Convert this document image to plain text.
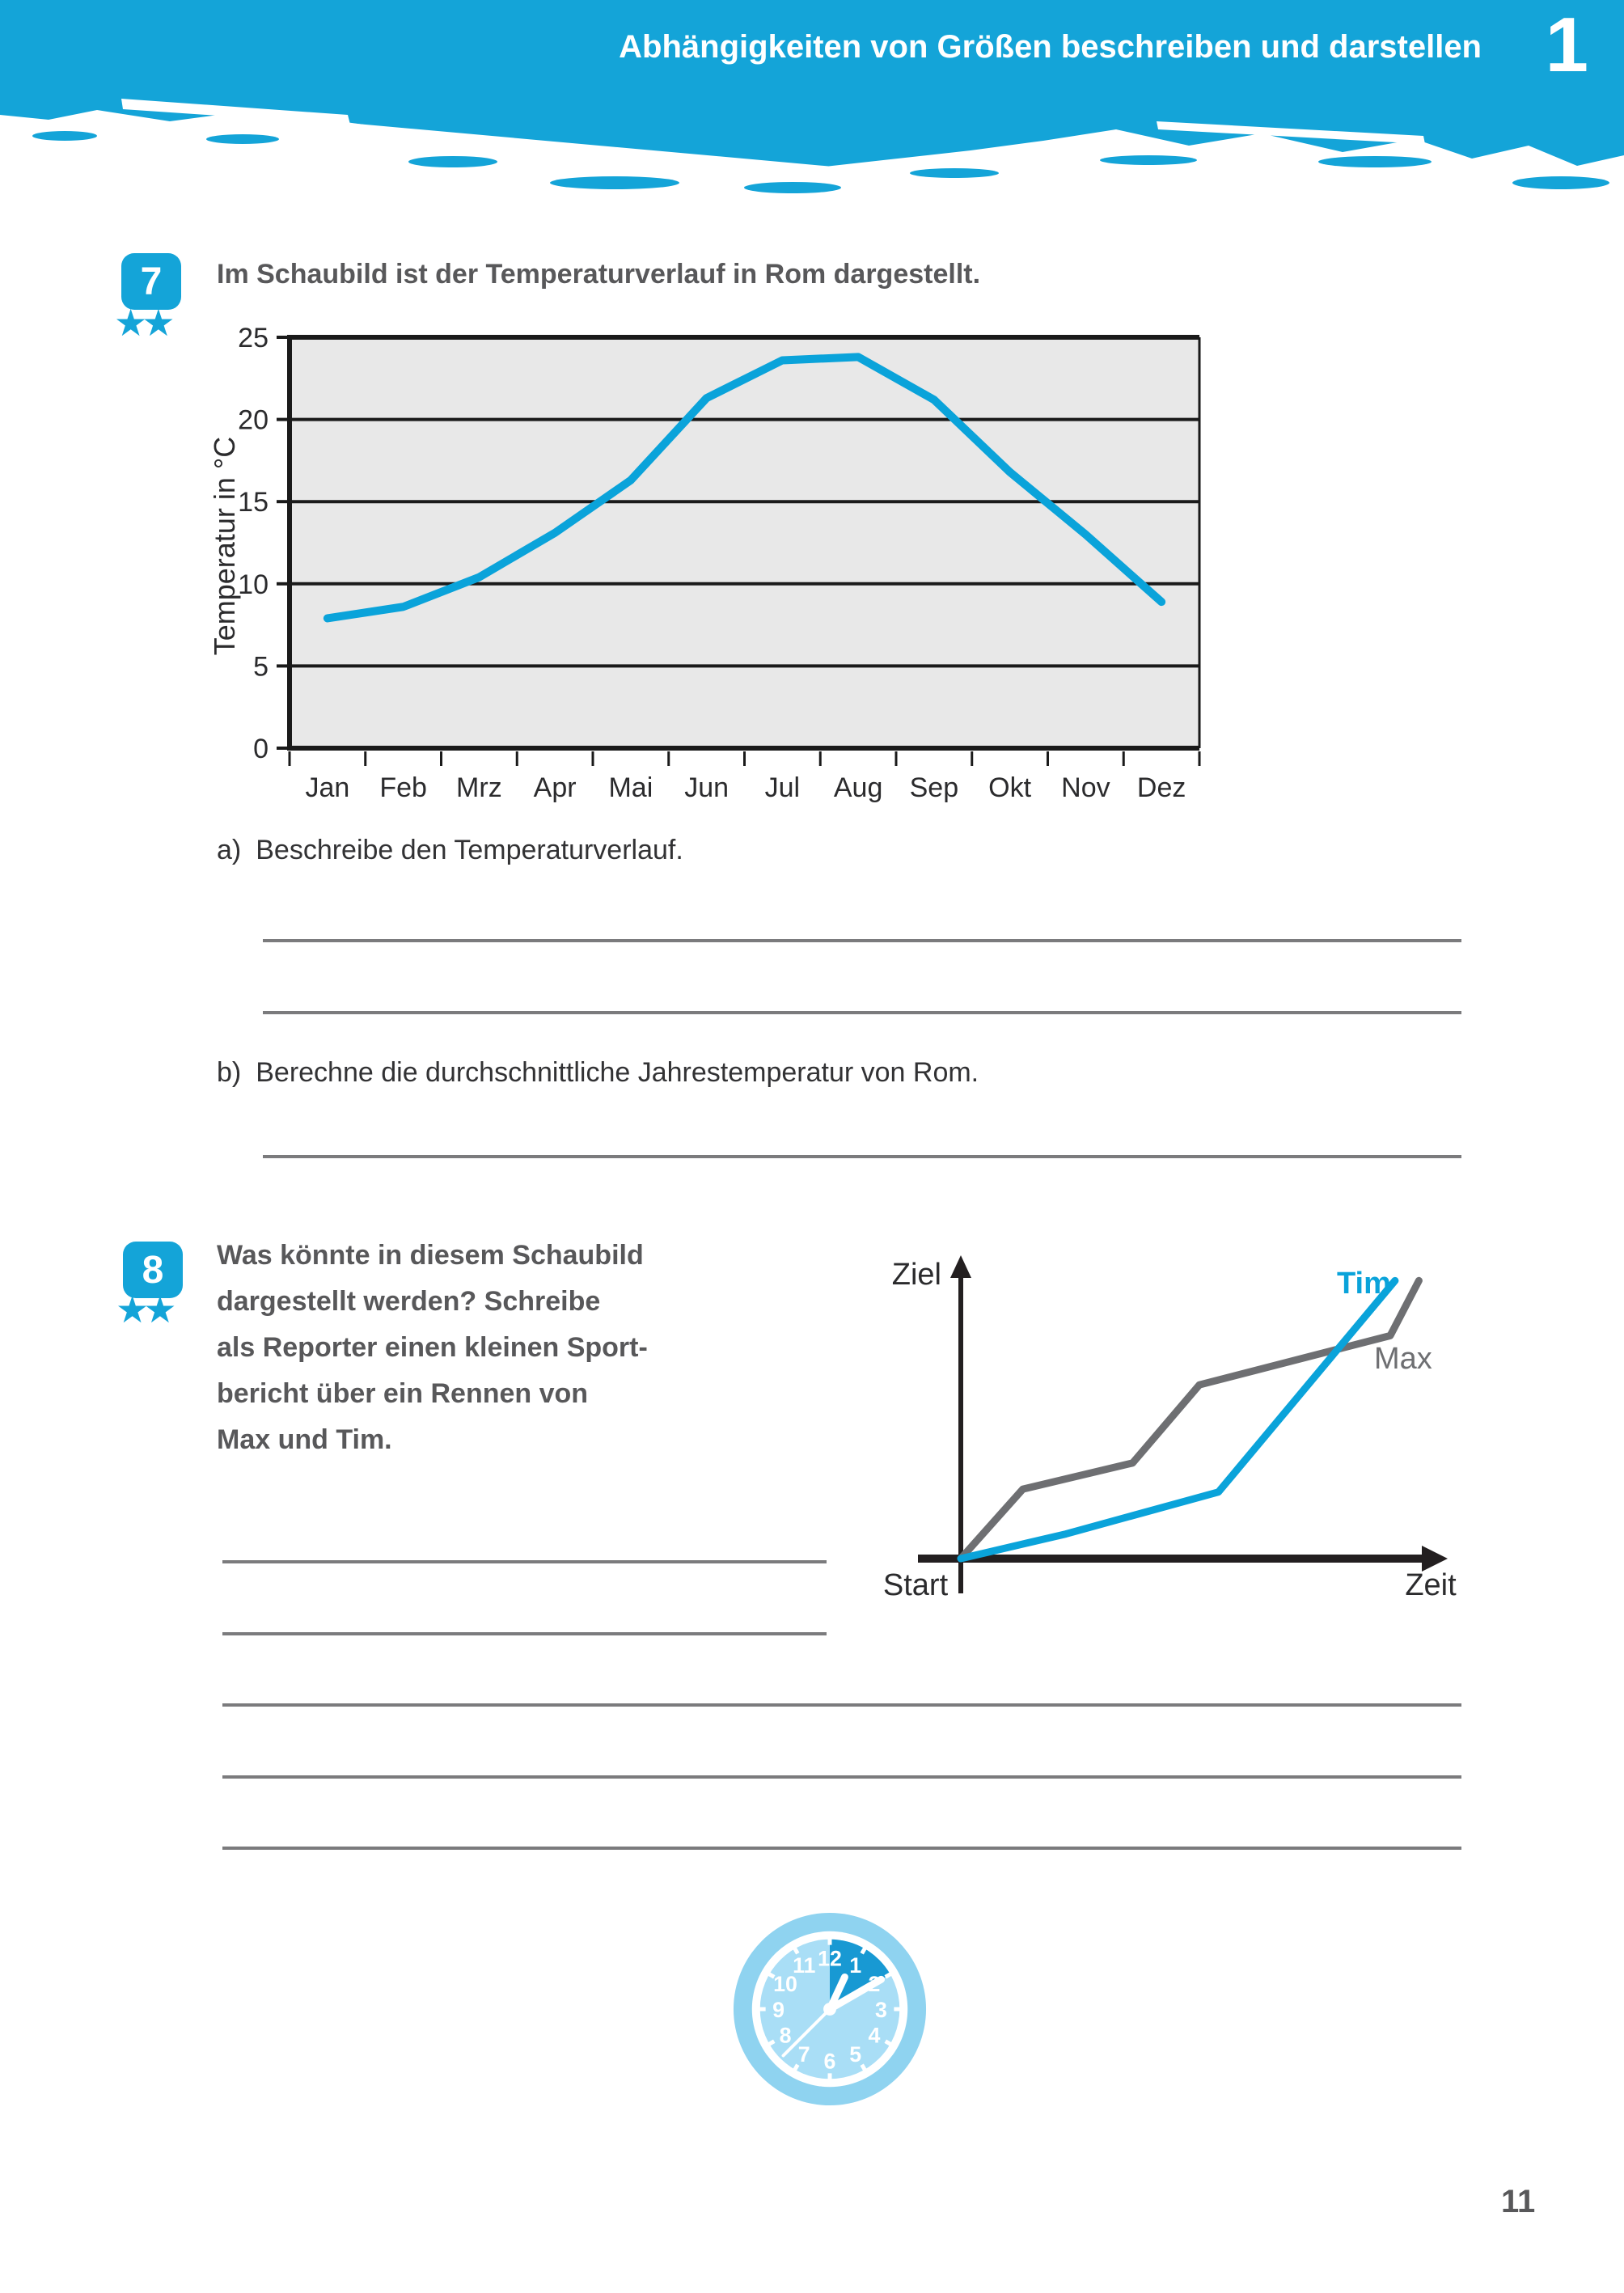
Abhängigkeiten von Größen beschreiben und darstellen 1
7
★★
Im Schaubild ist der Temperaturverlauf in Rom dargestellt.
0
5
10
15
20
25
Jan Feb Mrz Apr Mai Jun Jul Aug Sep Okt Nov Dez
Temperatur in °C
a) Beschreibe den Temperaturverlauf.
b) Berechne die durchschnittliche Jahrestemperatur von Rom.
8
★★
Was könnte in diesem Schaubild
dargestellt werden? Schreibe
als Reporter einen kleinen Sport-
bericht über ein Rennen von
Max und Tim.
Max
Tim
Ziel
Start	Zeit
1
3
4
5
6
7
8
9
10
11 12
11
